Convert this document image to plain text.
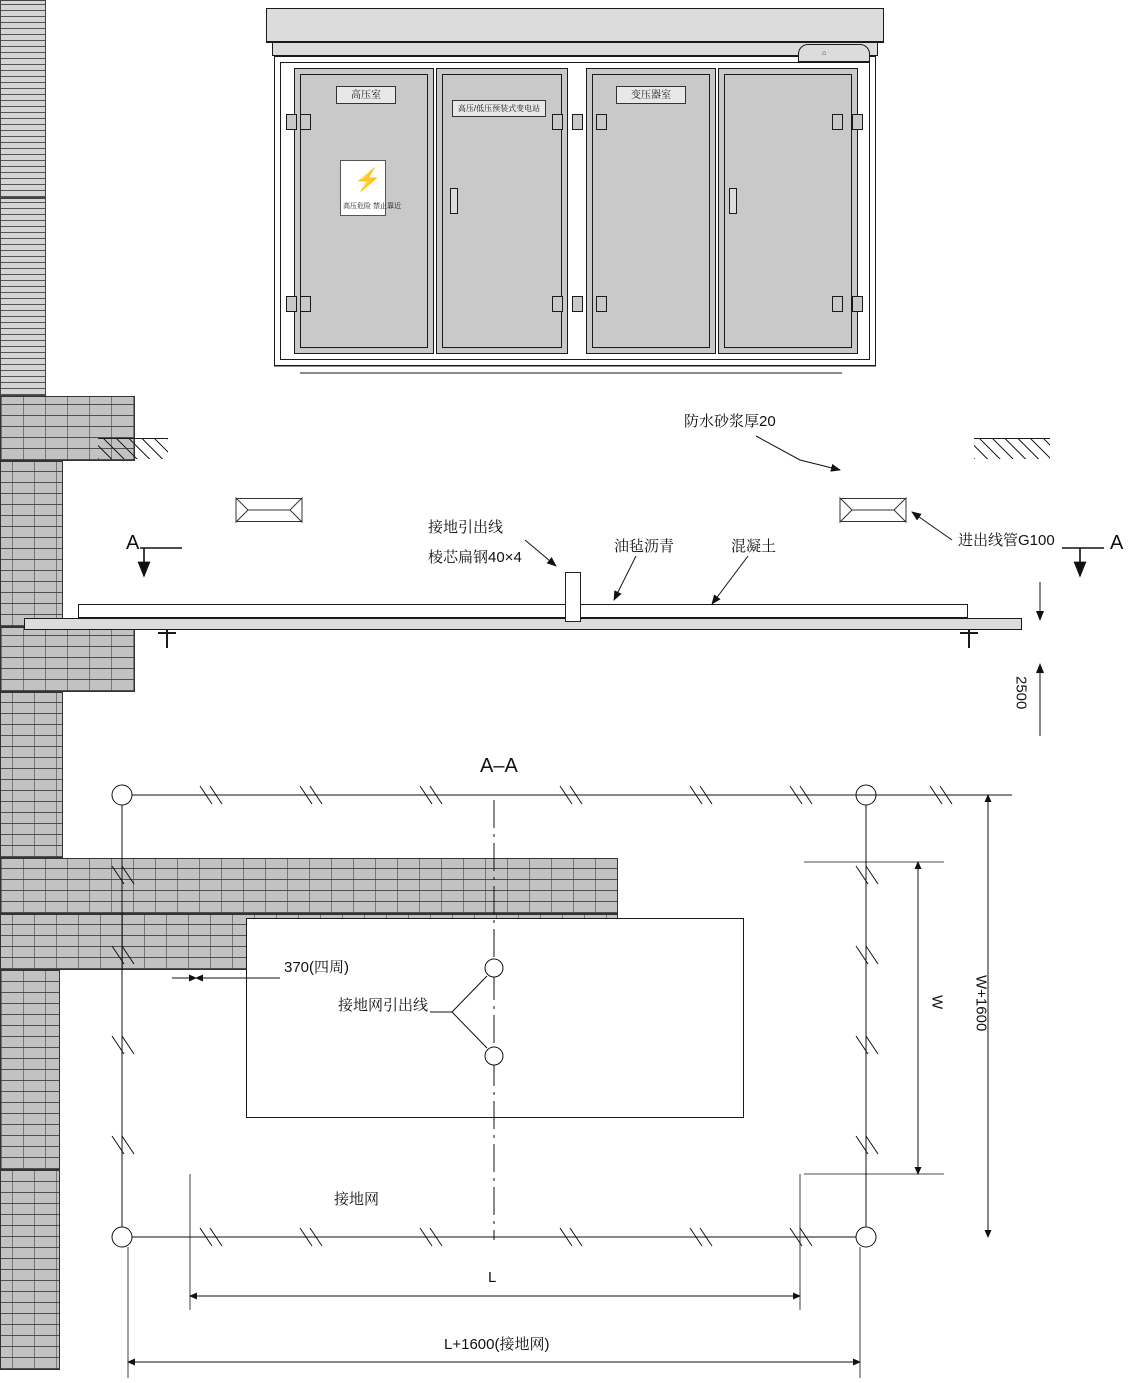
⌂
高压室
高压/低压预装式变电站
变压器室
⚡
高压危险 禁止靠近
防水砂浆厚20
接地引出线
棱芯扁钢40×4
油毡沥青	混凝土	进出线管G100
A	A
2500
A–A
370(四周)
接地网引出线
接地网
W W+1600
L
L+1600(接地网)
